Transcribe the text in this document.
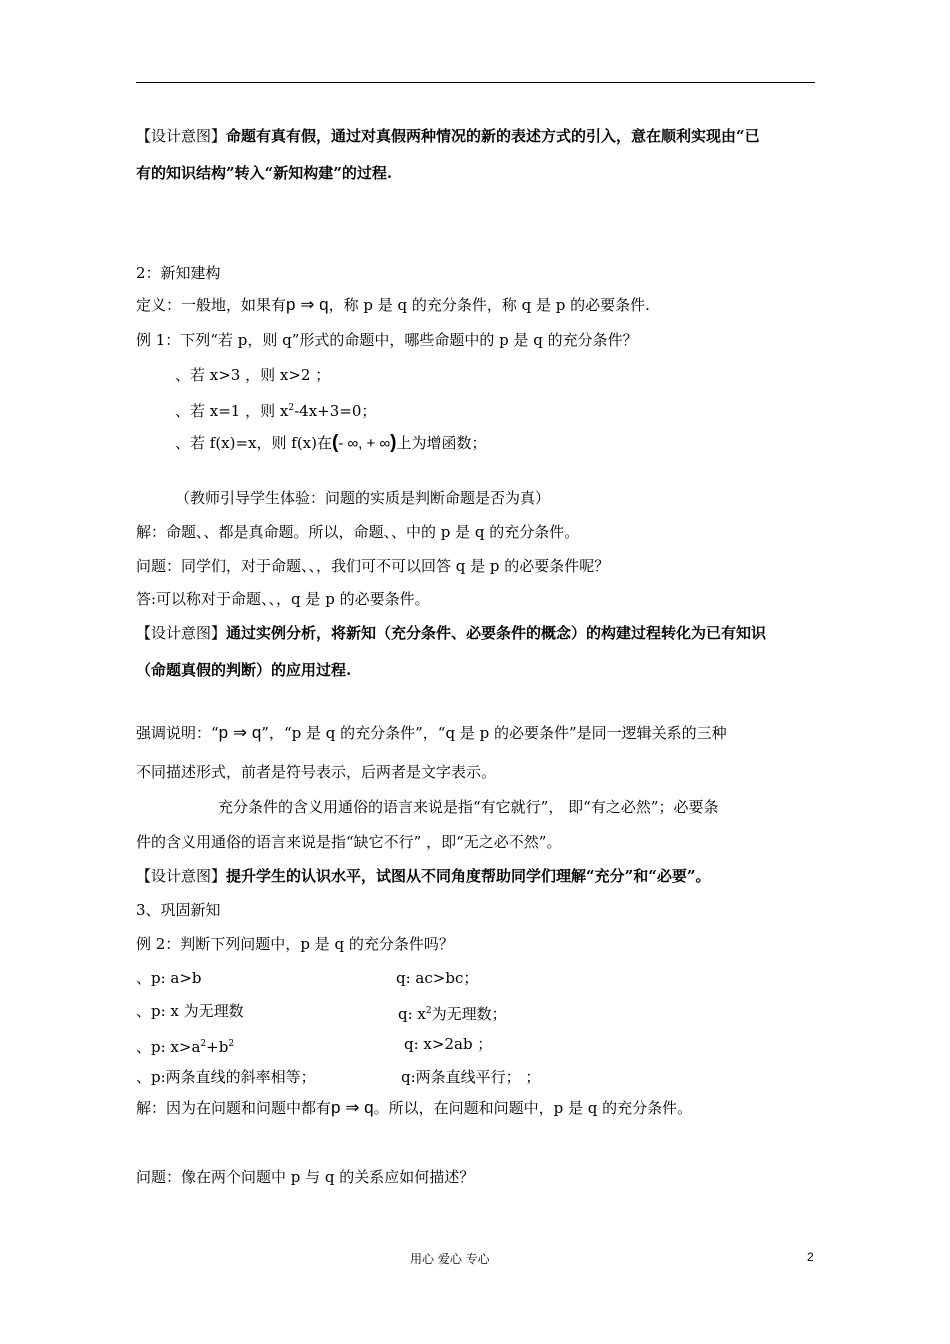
【设计意图】命题有真有假，通过对真假两种情况的新的表述方式的引入，意在顺利实现由“已
有的知识结构”转入“新知构建”的过程.
2：新知建构
定义：一般地，如果有p ⇒ q，称 p 是 q 的充分条件，称 q 是 p 的必要条件.
例 1：下列“若 p，则 q”形式的命题中，哪些命题中的 p 是 q 的充分条件？
、若 x>3 ，则 x>2 ；
、若 x=1 ，则 $x^2-4x+3=0$；
、若 f(x)=x，则 f(x)在(- ∞, + ∞)上为增函数；
（教师引导学生体验：问题的实质是判断命题是否为真）
解：命题、、都是真命题。所以，命题、、中的 p 是 q 的充分条件。
问题：同学们，对于命题、、，我们可不可以回答 q 是 p 的必要条件呢？
答:可以称对于命题、、，q 是 p 的必要条件。
【设计意图】通过实例分析，将新知（充分条件、必要条件的概念）的构建过程转化为已有知识
（命题真假的判断）的应用过程.
强调说明：“p ⇒ q”，“p 是 q 的充分条件”，“q 是 p 的必要条件”是同一逻辑关系的三种
不同描述形式，前者是符号表示，后两者是文字表示。
充分条件的含义用通俗的语言来说是指“有它就行”， 即“有之必然”；必要条
件的含义用通俗的语言来说是指“缺它不行” ，即“无之必不然”。
【设计意图】提升学生的认识水平，试图从不同角度帮助同学们理解“充分”和“必要”。
3、巩固新知
例 2：判断下列问题中，p 是 q 的充分条件吗？
、p: a>b	q: ac>bc；
、p: x 为无理数	q: $x^2$为无理数；
、p: $x>a^2+b^2$	q: x>2ab ；
、p:两条直线的斜率相等；	q:两条直线平行； ；
解：因为在问题和问题中都有p ⇒ q。所以，在问题和问题中，p 是 q 的充分条件。
问题：像在两个问题中 p 与 q 的关系应如何描述？
用心 爱心 专心	2
